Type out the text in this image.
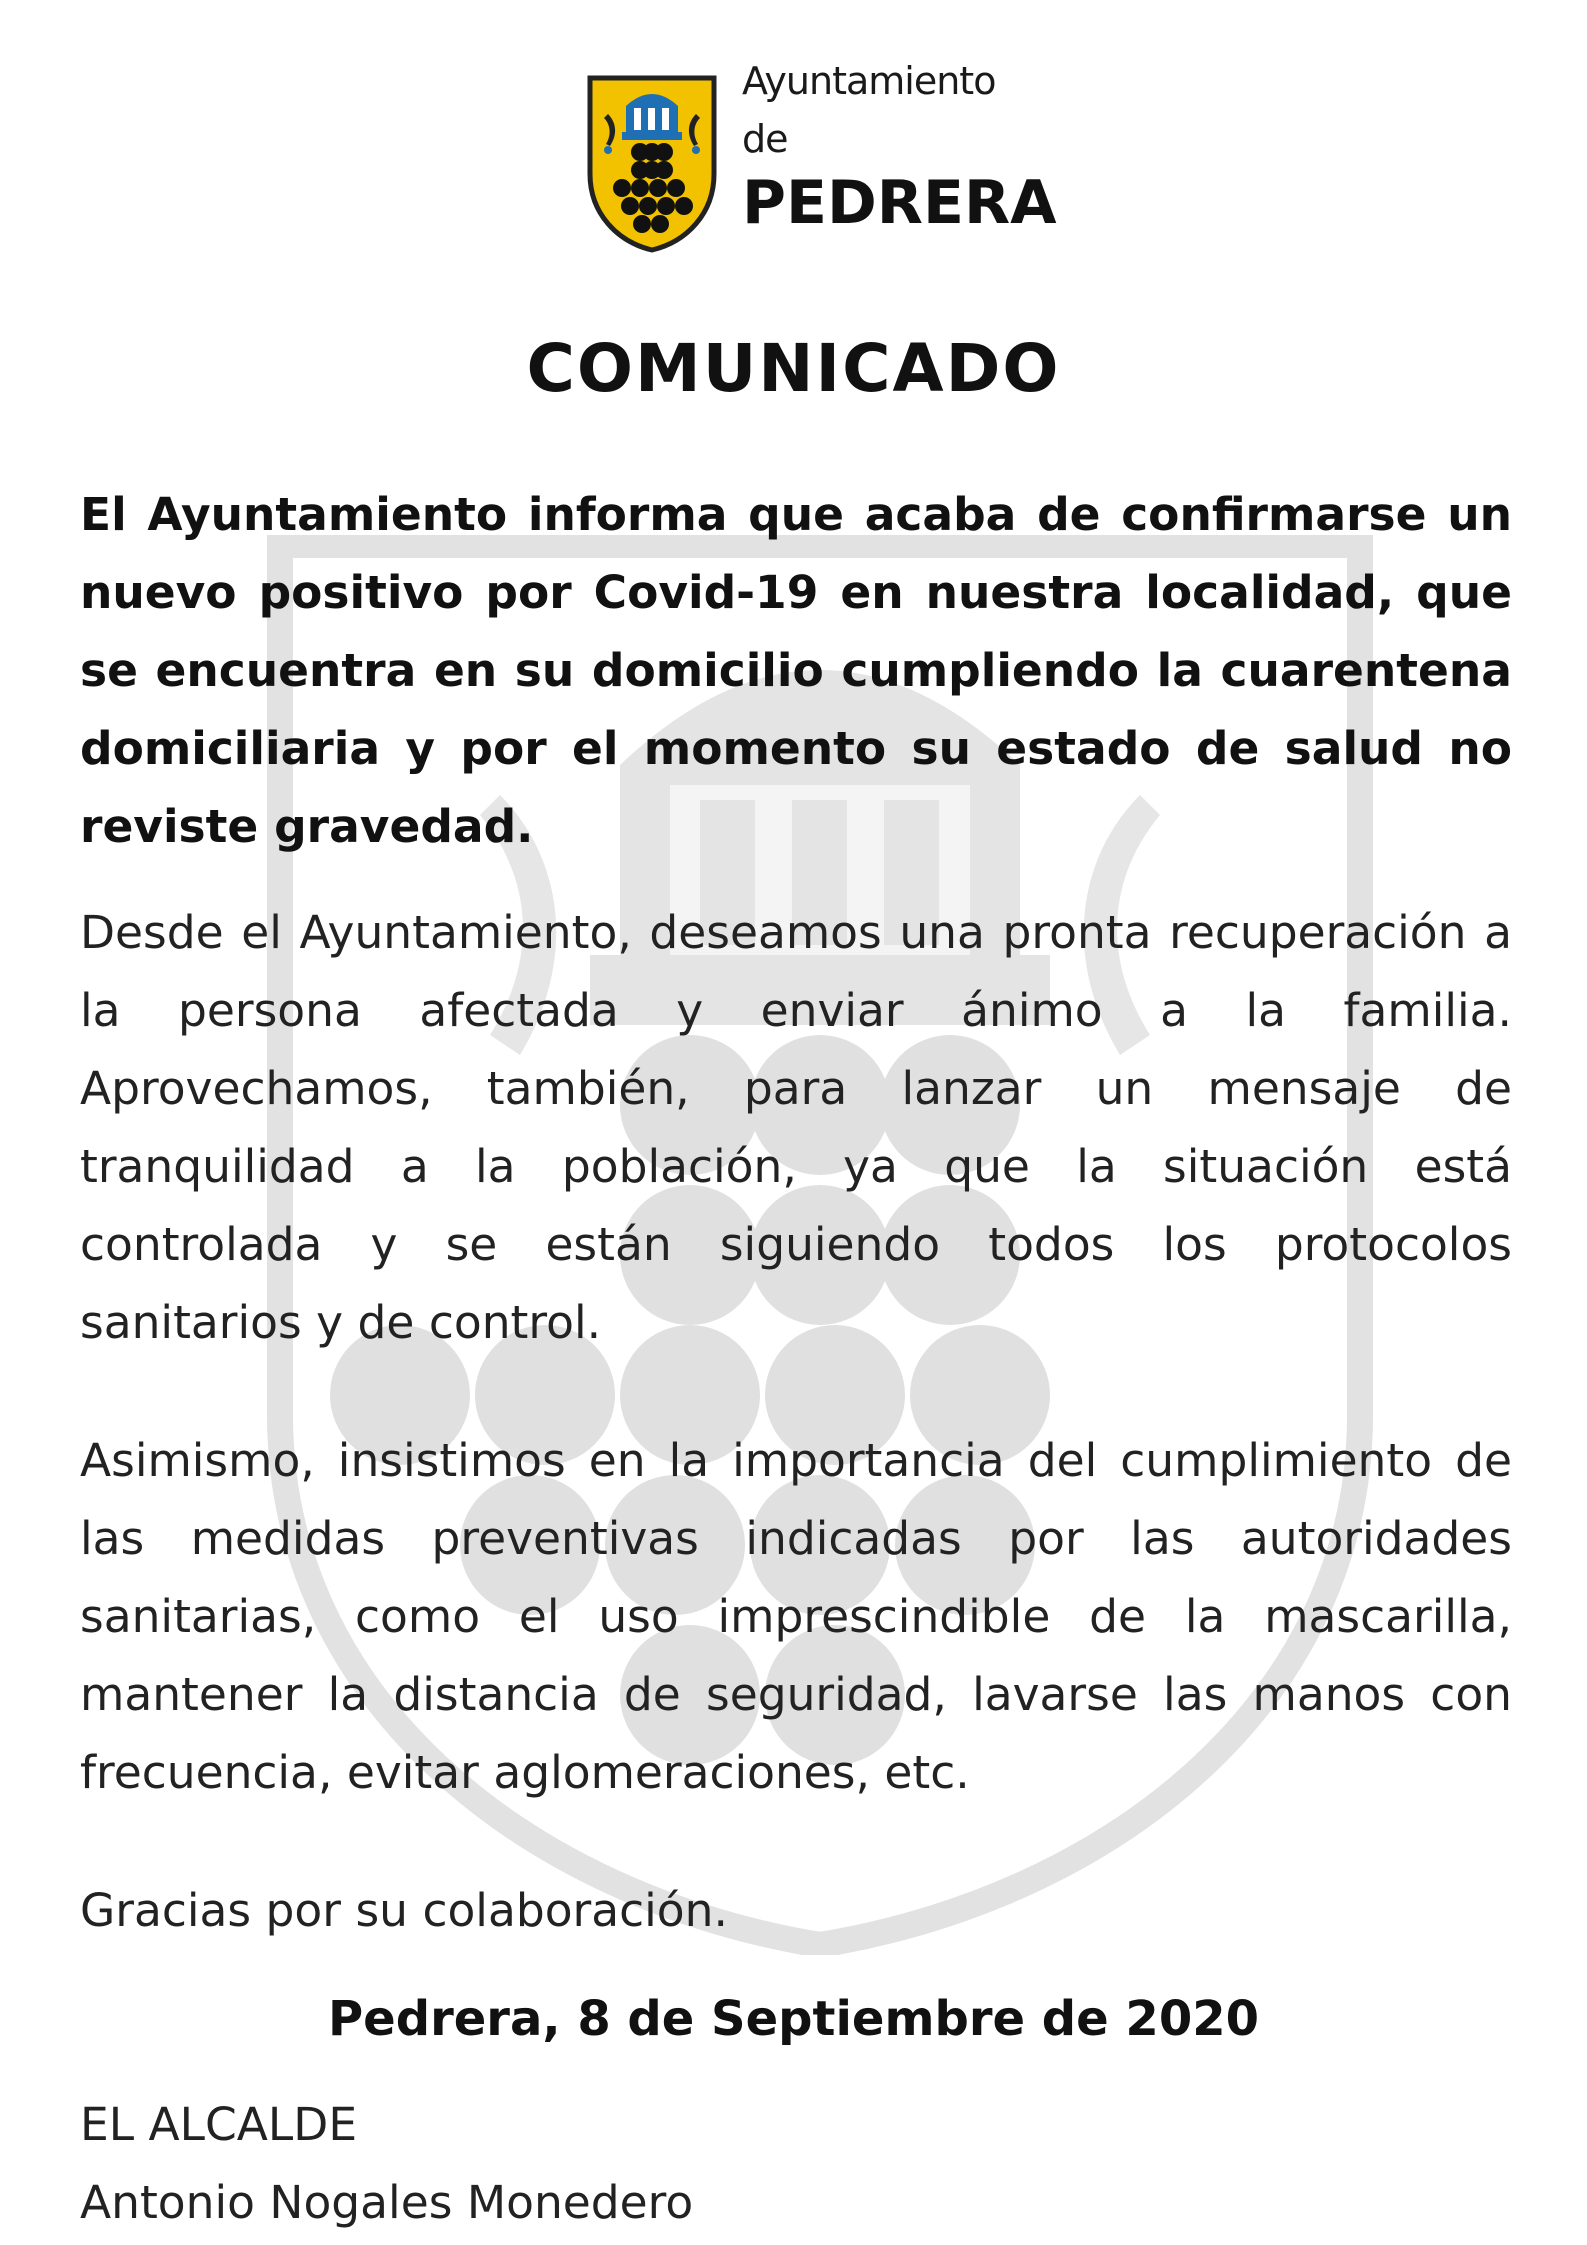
Ayuntamiento
de
PEDRERA
COMUNICADO
El Ayuntamiento informa que acaba de confirmarse un nuevo positivo por Covid-19 en nuestra localidad, que se encuentra en su domicilio cumpliendo la cuarentena domiciliaria y por el momento su estado de salud no reviste gravedad.
Desde el Ayuntamiento, deseamos una pronta recuperación a la persona afectada y enviar ánimo a la familia. Aprovechamos, también, para lanzar un mensaje de tranquilidad a la población, ya que la situación está controlada y se están siguiendo todos los protocolos sanitarios y de control.
Asimismo, insistimos en la importancia del cumplimiento de las medidas preventivas indicadas por las autoridades sanitarias, como el uso imprescindible de la mascarilla, mantener la distancia de seguridad, lavarse las manos con frecuencia, evitar aglomeraciones, etc.
Gracias por su colaboración.
Pedrera, 8 de Septiembre de 2020
EL ALCALDE
Antonio Nogales Monedero
